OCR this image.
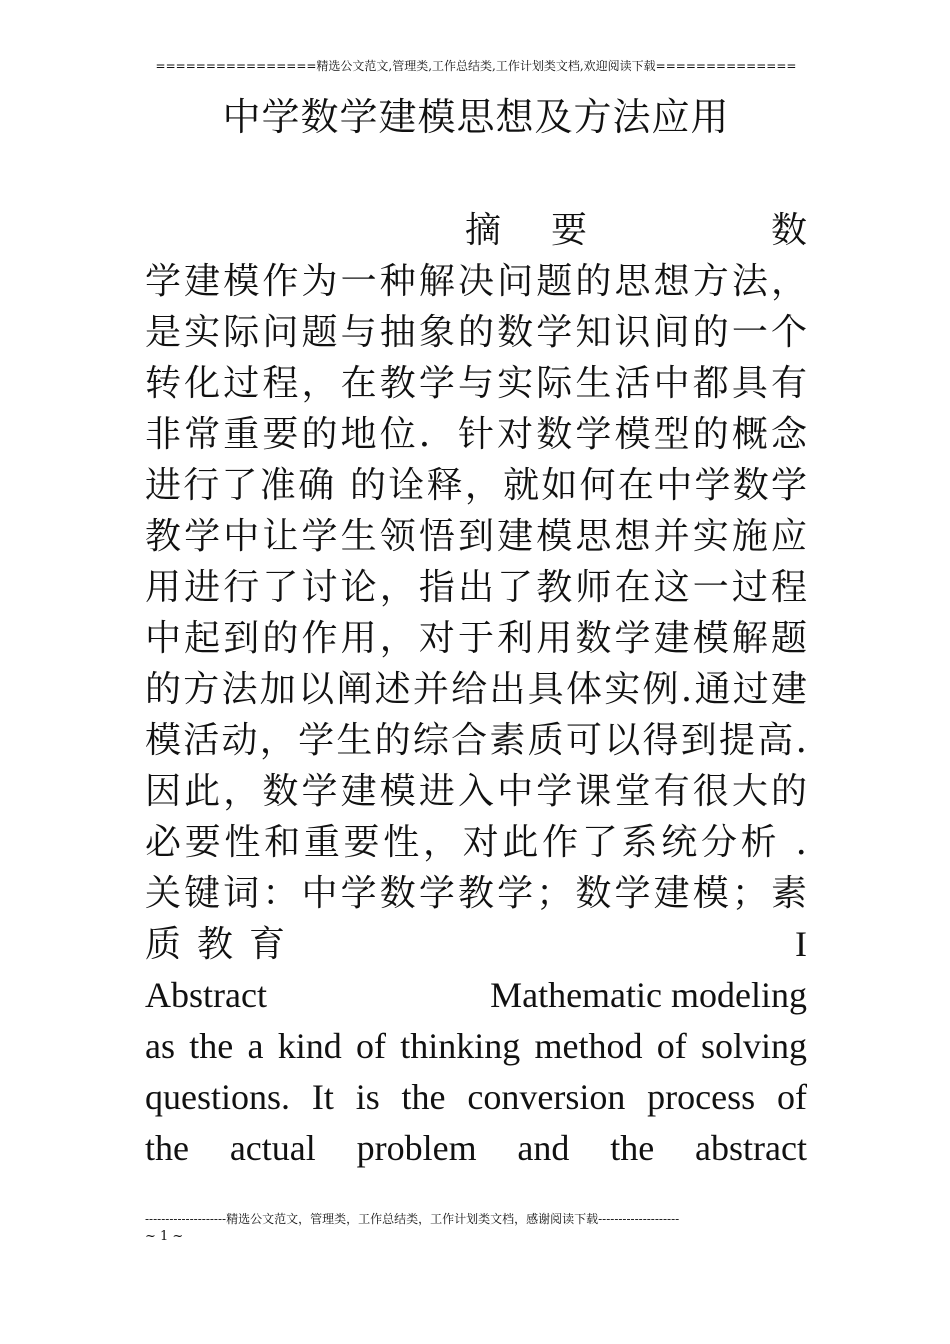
================精选公文范文,管理类,工作总结类,工作计划类文档,欢迎阅读下载==============
中学数学建模思想及方法应用
摘要	数
学建模作为一种解决问题的思想方法，
是实际问题与抽象的数学知识间的一个
转化过程，在教学与实际生活中都具有
非常重要的地位．针对数学模型的概念
进行了准确 的诠释，就如何在中学数学
教学中让学生领悟到建模思想并实施应
用进行了讨论，指出了教师在这一过程
中起到的作用，对于利用数学建模解题
的方法加以阐述并给出具体实例.通过建
模活动，学生的综合素质可以得到提高.
因此，数学建模进入中学课堂有很大的
必要性和重要性，对此作了系统分析 .
关键词：中学数学教学；数学建模；素
质教育	I
Abstract	Mathematic modeling
as the a kind of thinking method of solving
questions. It is the conversion process of
the actual problem and the abstract
--------------------精选公文范文，管理类，工作总结类，工作计划类文档，感谢阅读下载--------------------
~ 1 ~
